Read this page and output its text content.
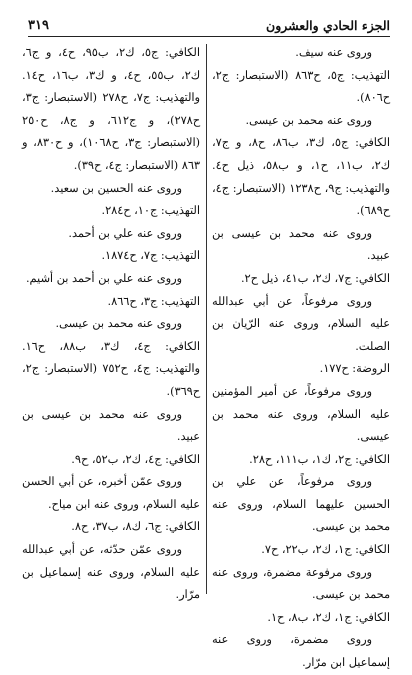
الجزء الحادي والعشرون
٣١٩

وروى عنه سيف.

التهذيب: ج٥، ح٨٦٣ (الاستبصار: ج٢، ح٨٠٦).

وروى عنه محمد بن عيسى.

الكافي: ج٥، ك٣، ب٨٦، ح٨، و ج٧، ك٢، ب١١، ح١، و ب٥٨، ذيل ح٤. والتهذيب: ج٩، ح١٢٣٨ (الاستبصار: ج٤، ح٦٨٩).

وروى عنه محمد بن عيسى بن عبيد.

الكافي: ج٧، ك٢، ب٤١، ذيل ح٢.

وروى مرفوعاً، عن أبي عبدالله عليه السلام، وروى عنه الرّيان بن الصلت.

الروضة: ح١٧٧.

وروى مرفوعاً، عن أمير المؤمنين عليه السلام، وروى عنه محمد بن عيسى.

الكافي: ج٢، ك١، ب١١١، ح٢٨.

وروى مرفوعاً، عن علي بن الحسين عليهما السلام، وروى عنه محمد بن عيسى.

الكافي: ج١، ك٢، ب٢٢، ح٧.

وروى مرفوعة مضمرة، وروى عنه محمد بن عيسى.

الكافي: ج١، ك٢، ب٨، ح١.

وروى مضمرة، وروى عنه إسماعيل ابن مرّار.

الكافي: ج٥، ك٢، ب٩٥، ح٤، و ج٦، ك٢، ب٥٥، ح٤، و ك٣، ب١٦، ح١٤. والتهذيب: ج٧، ح٢٧٨ (الاستبصار: ج٣، ح٢٧٨)، و ج٦١٢، و ج٨، ح٢٥٠ (الاستبصار: ج٣، ح١٠٦٨)، و ح٨٣٠، و ٨٦٣ (الاستبصار: ج٤، ح٣٩).

وروى عنه الحسين بن سعيد.

التهذيب: ج١٠، ح٢٨٤.

وروى عنه علي بن أحمد.

التهذيب: ج٧، ح١٨٧٤.

وروى عنه علي بن أحمد بن أشيم.

التهذيب: ج٣، ح٨٦٦.

وروى عنه محمد بن عيسى.

الكافي: ج٤، ك٣، ب٨٨، ح١٦. والتهذيب: ج٤، ح٧٥٢ (الاستبصار: ج٢، ح٣٦٩).

وروى عنه محمد بن عيسى بن عبيد.

الكافي: ج٤، ك٢، ب٥٢، ح٩.

وروى عمّن أخبره، عن أبي الحسن عليه السلام، وروى عنه ابن مياح.

الكافي: ج٦، ك٨، ب٣٧، ح٨.

وروى عمّن حدّثه، عن أبي عبدالله عليه السلام، وروى عنه إسماعيل بن مرّار.
